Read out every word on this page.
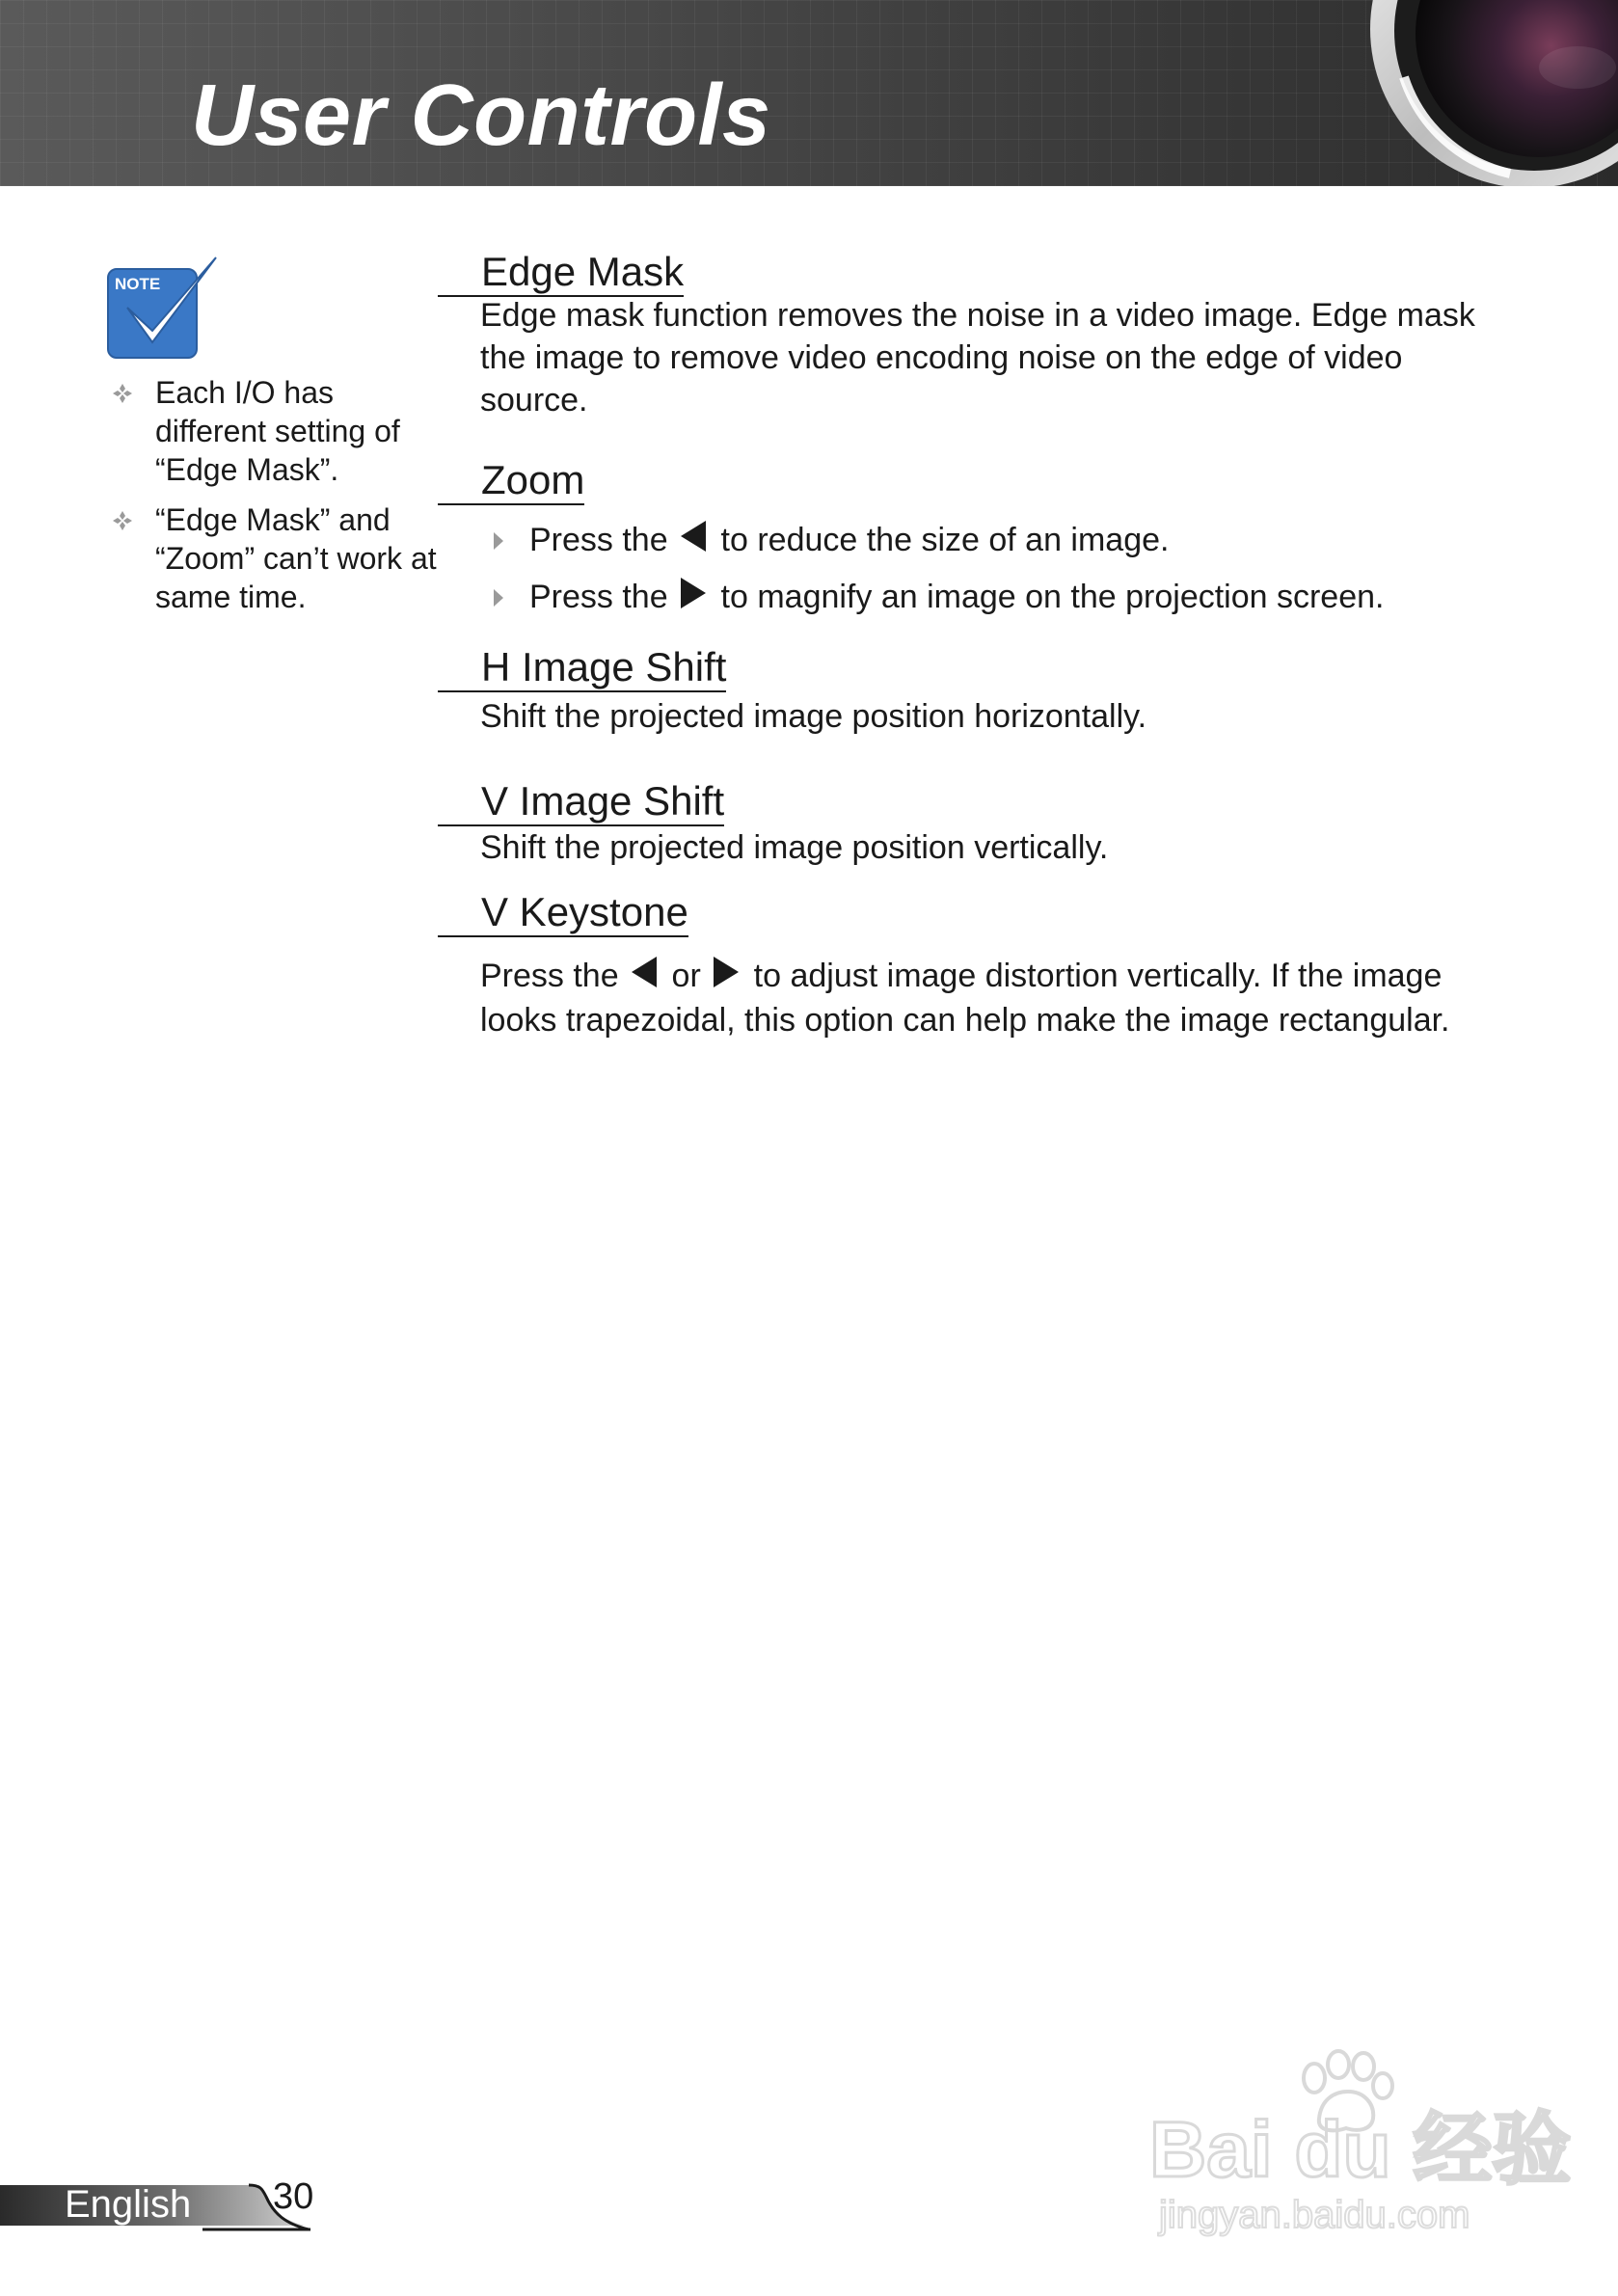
User Controls
NOTE
Each I/O has different setting of “Edge Mask”.
“Edge Mask” and “Zoom” can’t work at same time.
Edge Mask

Edge mask function removes the noise in a video image. Edge mask the image to remove video encoding noise on the edge of video source.

Zoom
Press the to reduce the size of an image.
Press the to magnify an image on the projection screen.
H Image Shift

Shift the projected image position horizontally.

V Image Shift

Shift the projected image position vertically.

V Keystone

Press the or to adjust image distortion vertically. If the image looks trapezoidal, this option can help make the image rectangular.

Bai du 经验
jingyan.baidu.com
English 30
